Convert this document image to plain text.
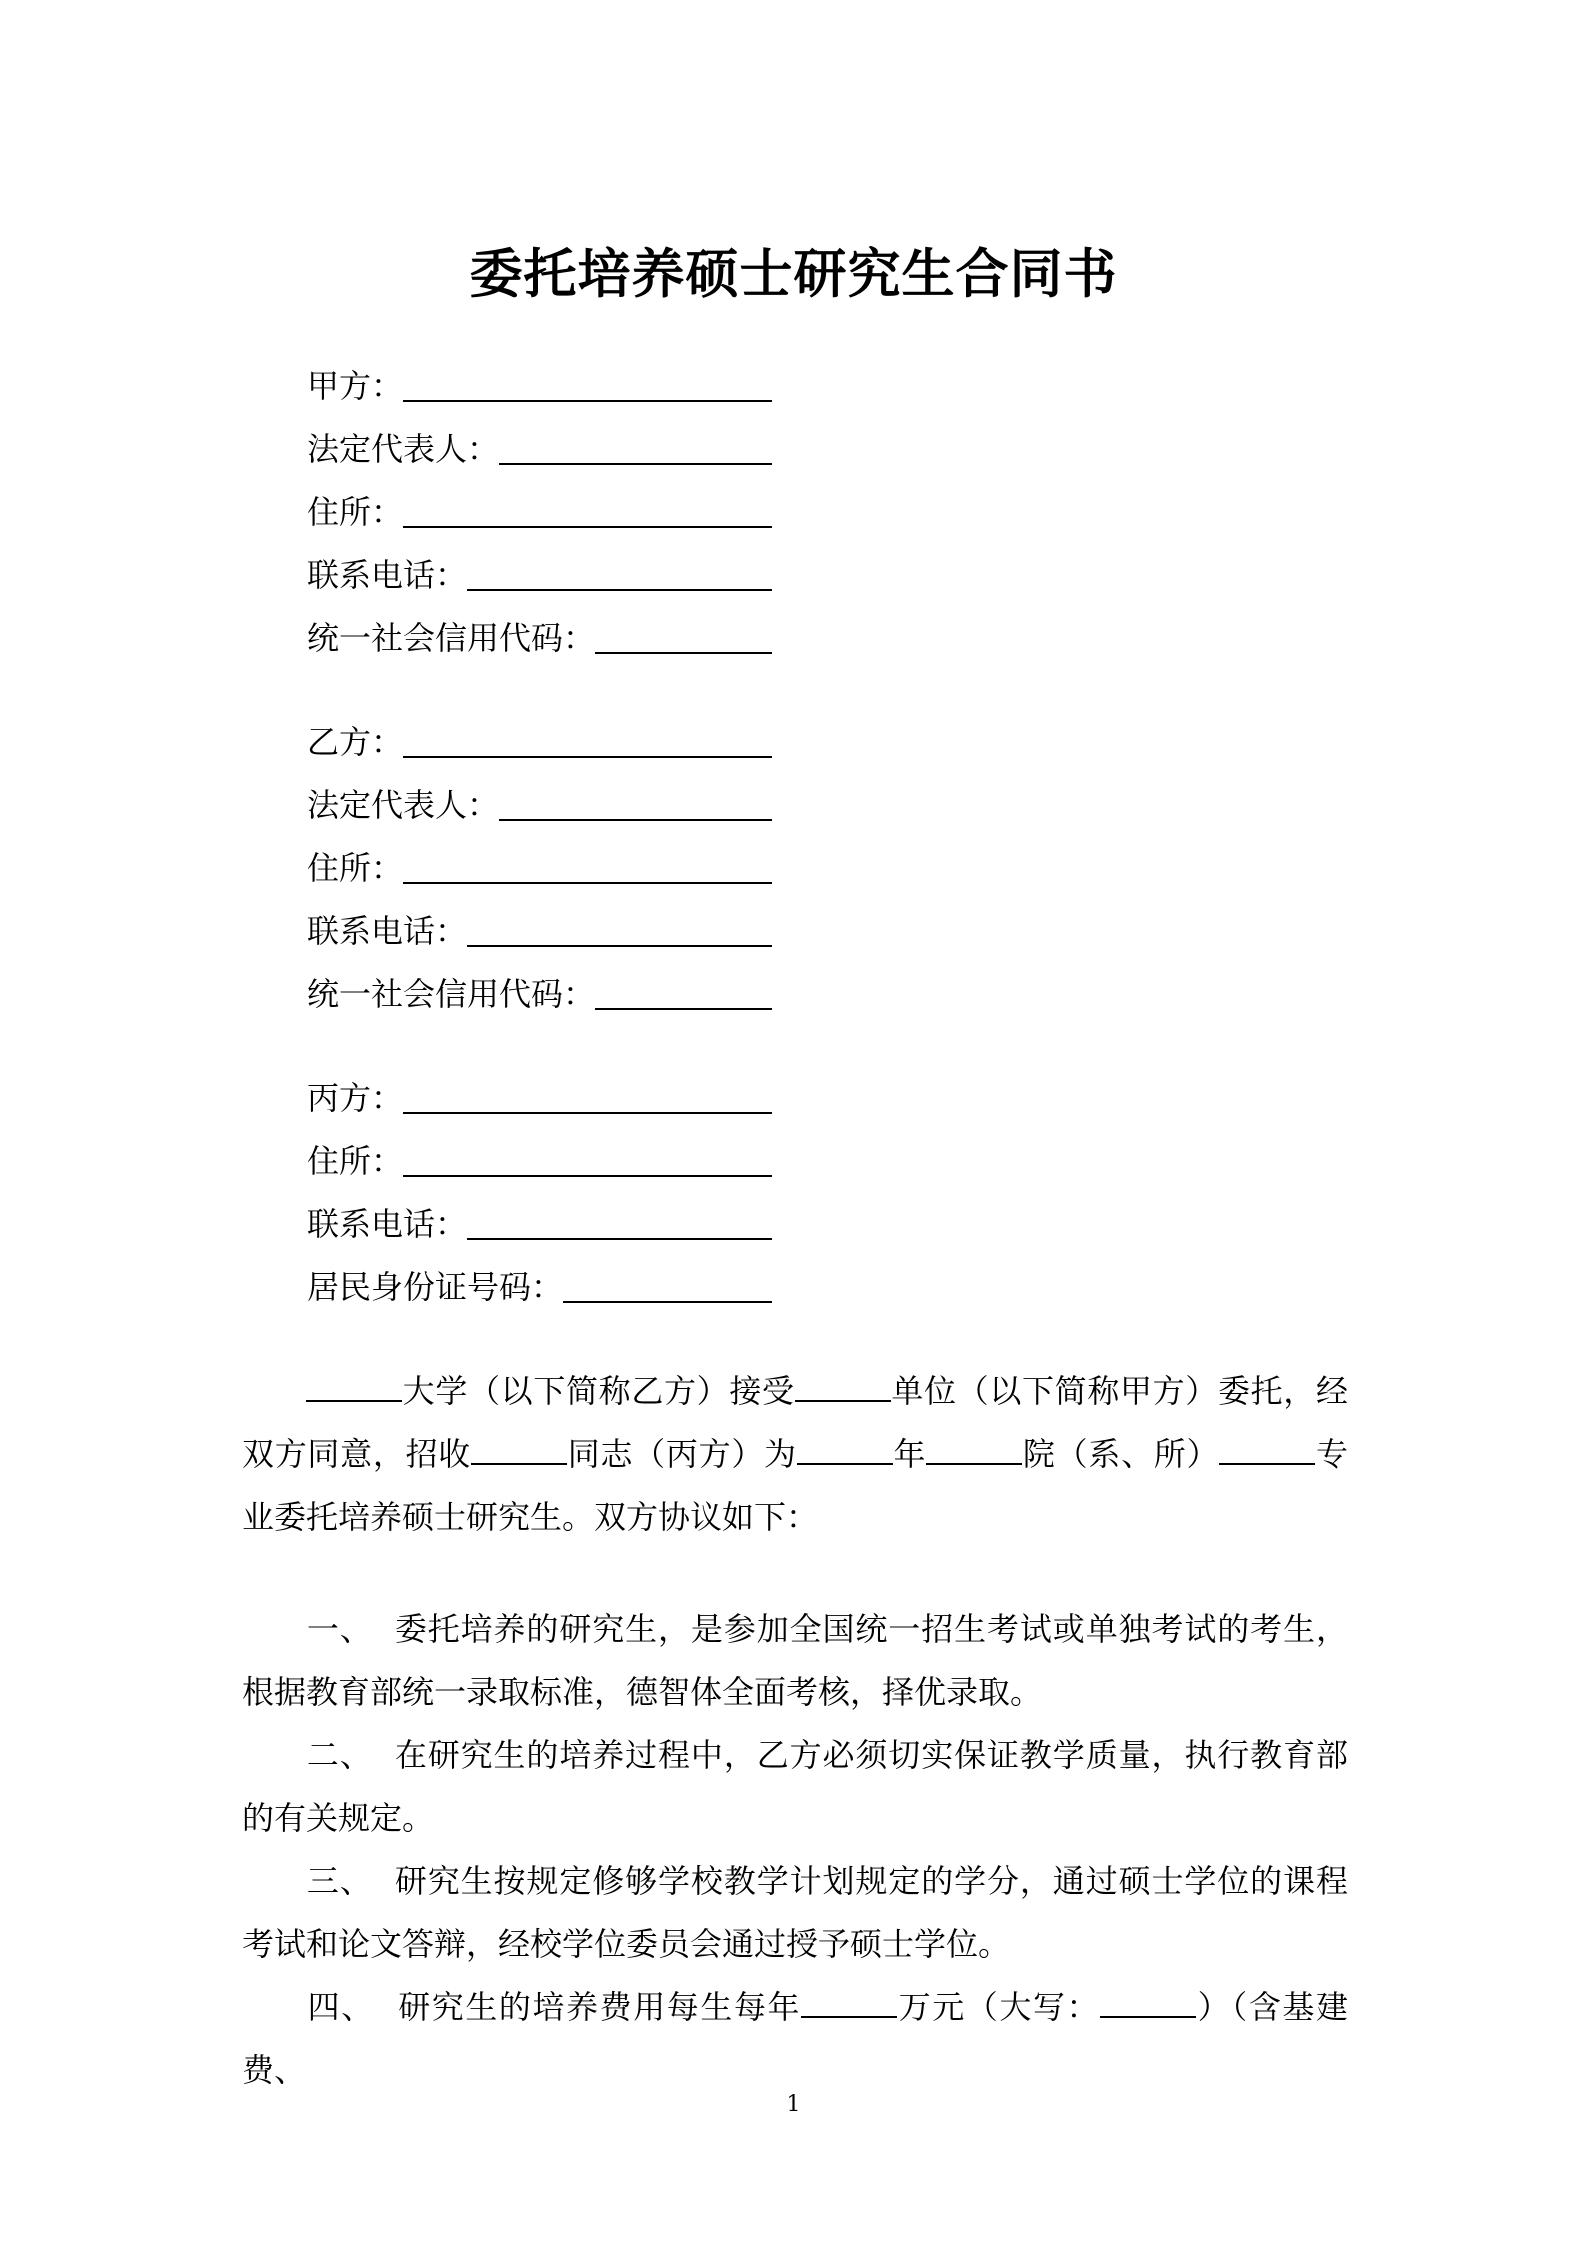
委托培养硕士研究生合同书
甲方：
法定代表人：
住所：
联系电话：
统一社会信用代码：
乙方：
法定代表人：
住所：
联系电话：
统一社会信用代码：
丙方：
住所：
联系电话：
居民身份证号码：
大学（以下简称乙方）接受	单位（以下简称甲方）委托，经双方同意，招收	同志（丙方）为	年	院（系、所）	专业委托培养硕士研究生。双方协议如下：
一、 委托培养的研究生，是参加全国统一招生考试或单独考试的考生，根据教育部统一录取标准，德智体全面考核，择优录取。
二、 在研究生的培养过程中，乙方必须切实保证教学质量，执行教育部的有关规定。
三、 研究生按规定修够学校教学计划规定的学分，通过硕士学位的课程考试和论文答辩，经校学位委员会通过授予硕士学位。
四、 研究生的培养费用每生每年	万元（大写：	）（含基建费、
1
